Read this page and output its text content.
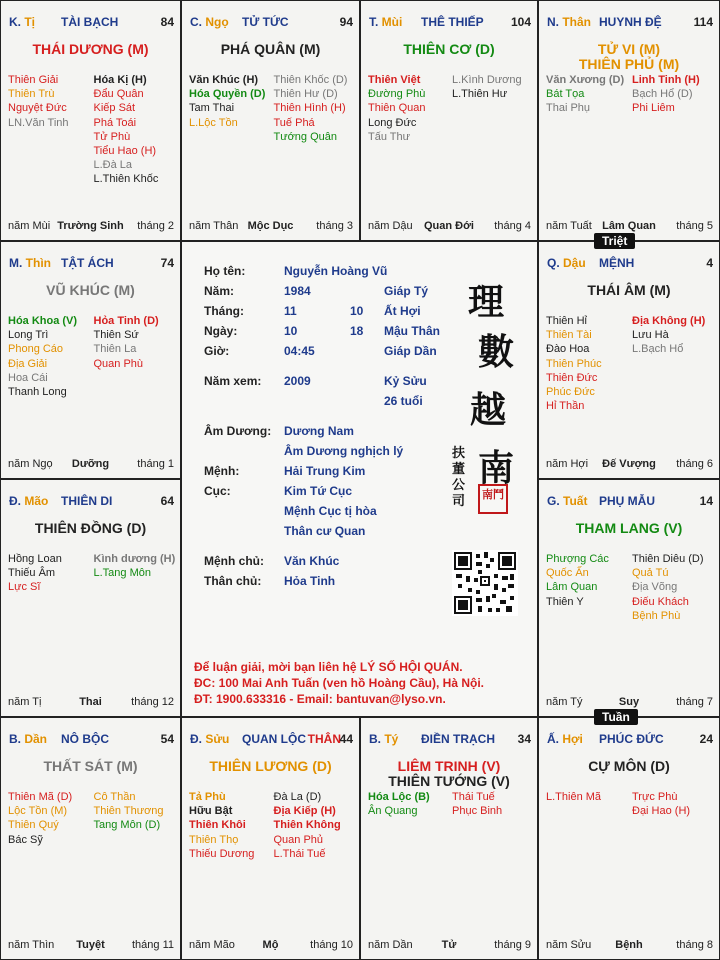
K. Tị TÀI BẠCH	84
THÁI DƯƠNG (M)
Thiên Giải
Thiên Trù
Nguyệt Đức
LN.Văn Tinh
Hóa Kị (H)
Đẩu Quân
Kiếp Sát
Phá Toái
Tử Phù
Tiểu Hao (H)
L.Đà La
L.Thiên Khốc
Trường Sinh
năm Mùi	tháng 2
C. Ngọ TỬ TỨC	94
PHÁ QUÂN (M)
Văn Khúc (H)
Hóa Quyền (D)
Tam Thai
L.Lộc Tồn
Thiên Khốc (D)
Thiên Hư (D)
Thiên Hình (H)
Tuế Phá
Tướng Quân
Mộc Dục
năm Thân	tháng 3
T. Mùi THÊ THIẾP 104
THIÊN CƠ (D)
Thiên Việt
Đường Phù
Thiên Quan
Long Đức
Tấu Thư
L.Kình Dương
L.Thiên Hư
Quan Đới
năm Dậu	tháng 4
N. Thân HUYNH ĐỆ	114
TỬ VI (M)
THIÊN PHỦ (M)
Văn Xương (D)
Bát Tọa
Thai Phụ
Linh Tinh (H)
Bạch Hổ (D)
Phi Liêm
Lâm Quan
năm Tuất	tháng 5
M. Thìn TẬT ÁCH	74
VŨ KHÚC (M)
Hóa Khoa (V)
Long Trì
Phong Cáo
Địa Giải
Hoa Cái
Thanh Long
Hỏa Tinh (D)
Thiên Sứ
Thiên La
Quan Phù
Dưỡng
năm Ngọ	tháng 1
Q. Dậu MỆNH	4
THÁI ÂM (M)
Thiên Hỉ
Thiên Tài
Đào Hoa
Thiên Phúc
Thiên Đức
Phúc Đức
Hỉ Thần
Địa Không (H)
Lưu Hà
L.Bạch Hổ
Đế Vượng
năm Hợi	tháng 6
Đ. Mão THIÊN DI	64
THIÊN ĐỒNG (D)
Hồng Loan
Thiếu Âm
Lực Sĩ
Kình dương (H)
L.Tang Môn
Thai
năm Tị	tháng 12
G. Tuất PHỤ MẪU	14
THAM LANG (V)
Phượng Các
Quốc Ấn
Lâm Quan
Thiên Y
Thiên Diêu (D)
Quả Tú
Địa Võng
Điếu Khách
Bệnh Phù
Suy
năm Tý	tháng 7
B. Dần NÔ BỘC	54
THẤT SÁT (M)
Thiên Mã (D)
Lộc Tồn (M)
Thiên Quý
Bác Sỹ
Cô Thần
Thiên Thương
Tang Môn (D)
Tuyệt
năm Thìn	tháng 11
Đ. Sửu QUAN LỘC THÂN
44
THIÊN LƯƠNG (D)
Tả Phù
Hữu Bật
Thiên Khôi
Thiên Thọ
Thiếu Dương
Đà La (D)
Địa Kiếp (H)
Thiên Không
Quan Phủ
L.Thái Tuế
Mộ
năm Mão	tháng 10
B. Tý ĐIỀN TRẠCH 34
LIÊM TRINH (V)
THIÊN TƯỚNG (V)
Hóa Lộc (B)
Ân Quang
Thái Tuế
Phục Binh
Tử
năm Dần	tháng 9
Ấ. Hợi PHÚC ĐỨC	24
CỰ MÔN (D)
L.Thiên Mã	Trực Phù
Đại Hao (H)
Bệnh
năm Sửu	tháng 8
Họ tên:	Nguyễn Hoàng Vũ
Năm:	1984	Giáp Tý
Tháng:	11	10 Ất Hợi
Ngày:	10	18 Mậu Thân
Giờ:	04:45	Giáp Dần
Năm xem: 2009	Kỷ Sửu
26 tuổi
Âm Dương: Dương Nam
Âm Dương nghịch lý
Mệnh:	Hải Trung Kim
Cục:	Kim Tứ Cục
Mệnh Cục tị hòa
Thân cư Quan
Mệnh chủ: Văn Khúc
Thân chủ: Hỏa Tinh
理
數
越
南
扶 董 公 司	南鬥
Để luận giải, mời bạn liên hệ LÝ SỐ HỘI QUÁN.
ĐC: 100 Mai Anh Tuấn (ven hồ Hoàng Cầu), Hà Nội.
ĐT: 1900.633316 - Email: bantuvan@lyso.vn.
Triệt
Tuần
